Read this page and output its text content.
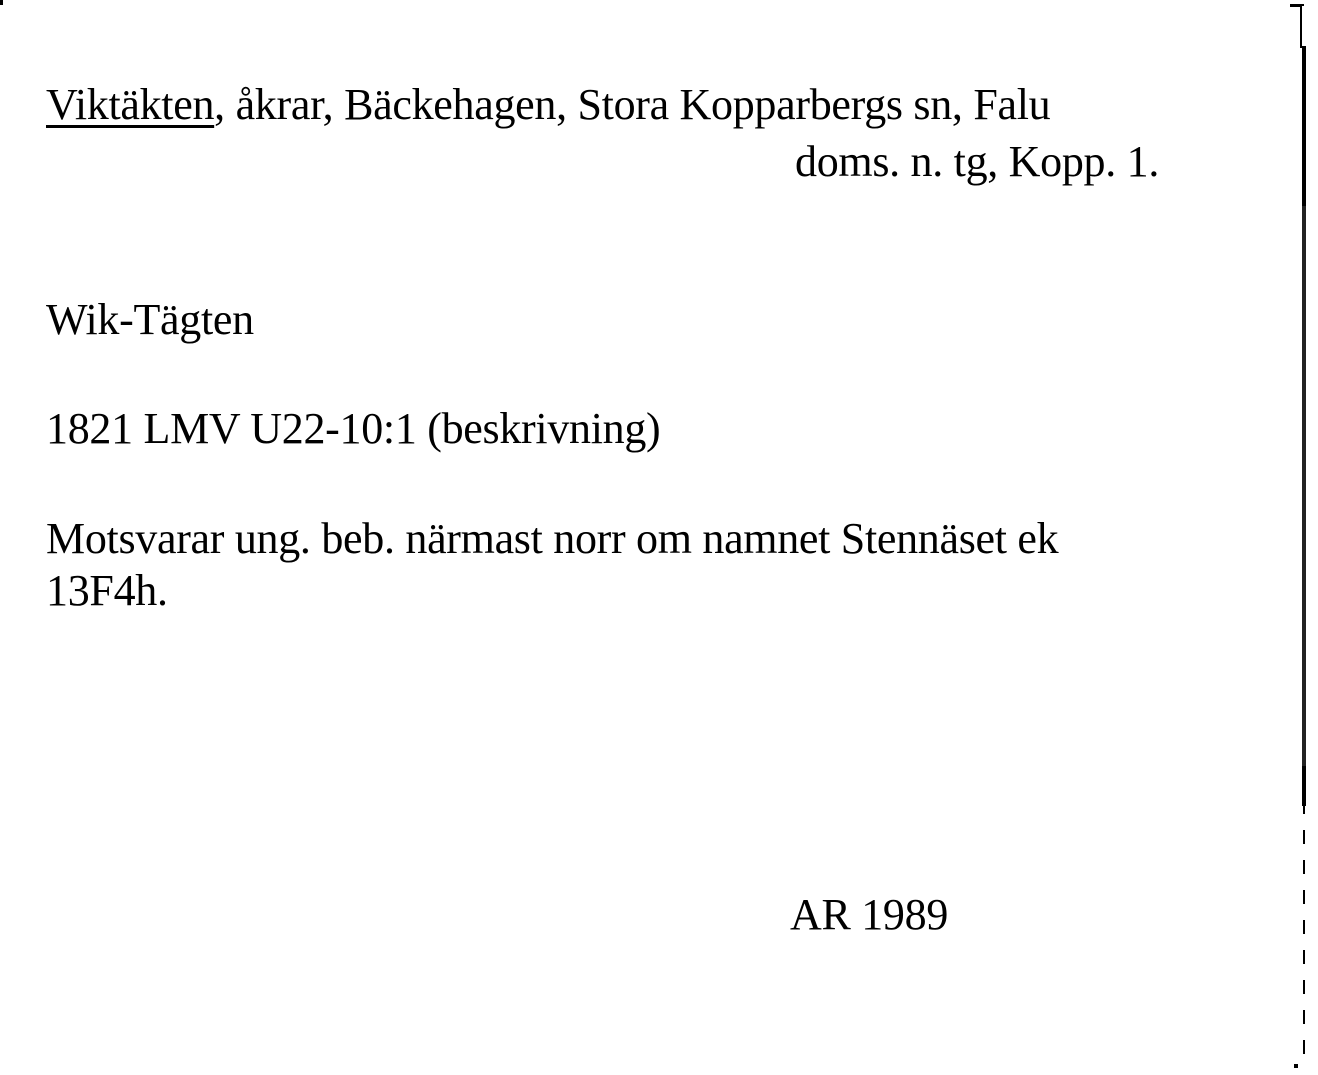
Viktäkten, åkrar, Bäckehagen, Stora Kopparbergs sn, Falu
doms. n. tg, Kopp. 1.
Wik-Tägten
1821 LMV U22-10:1 (beskrivning)
Motsvarar ung. beb. närmast norr om namnet Stennäset ek
13F4h.
AR 1989
